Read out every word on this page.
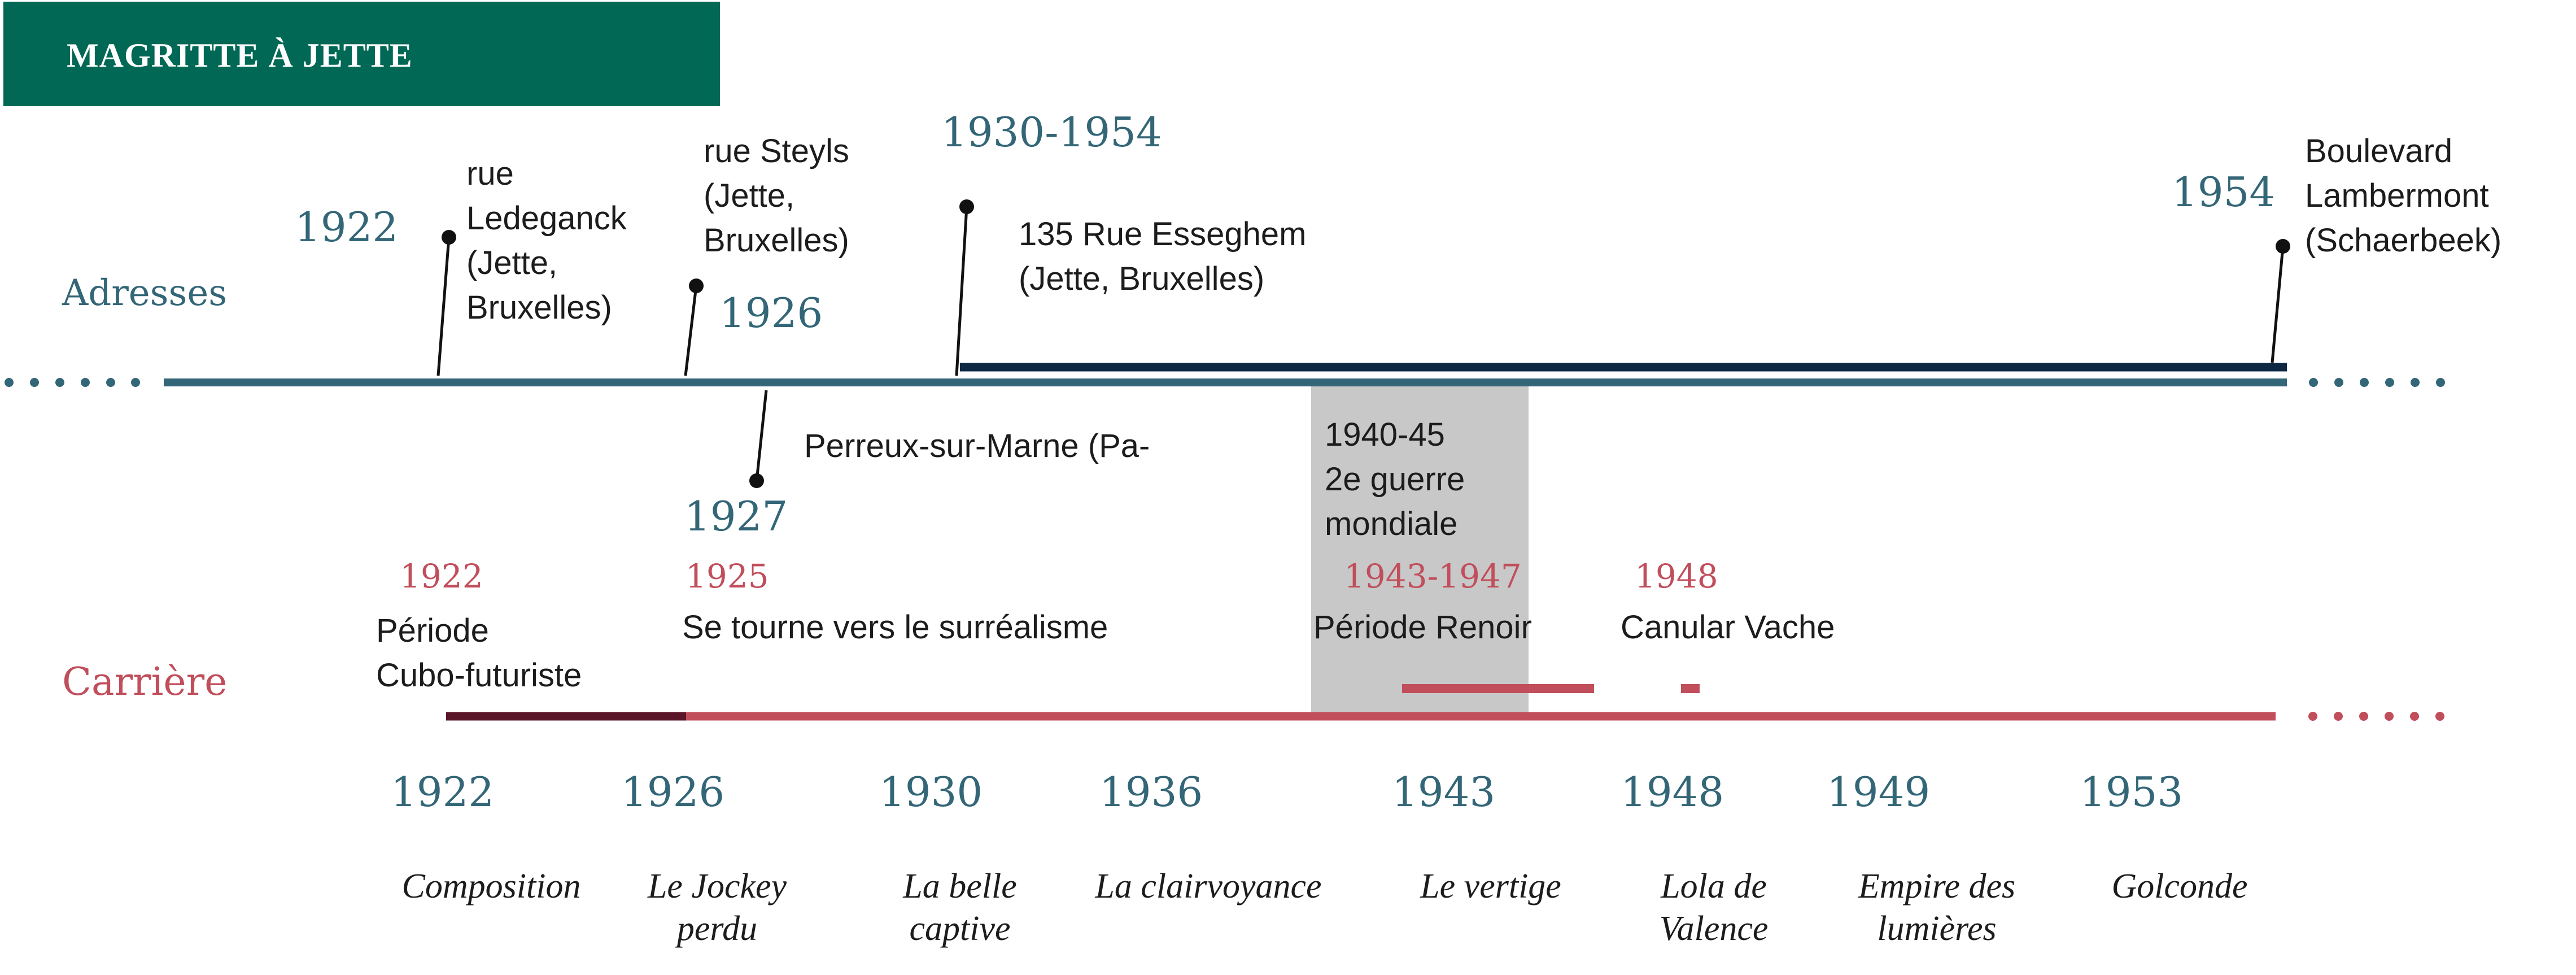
MAGRITTE À JETTE
Adresses
Carrière
1922
rue
Ledeganck
(Jette,
Bruxelles)
rue Steyls
(Jette,
Bruxelles)
1926
1930-1954
135 Rue Esseghem
(Jette, Bruxelles)
1954
Boulevard
Lambermont
(Schaerbeek)
Perreux-sur-Marne (Pa-
1927
1940-45
2e guerre
mondiale
1922
Période
Cubo-futuriste
1925
Se tourne vers le surréalisme
1943-1947
Période Renoir
1948
Canular Vache
1922	1926	1930	1936	1943	1948	1949	1953
Composition	Le Jockey
perdu
La belle
captive
La clairvoyance	Le vertige	Lola de
Valence
Empire des
lumières
Golconde
